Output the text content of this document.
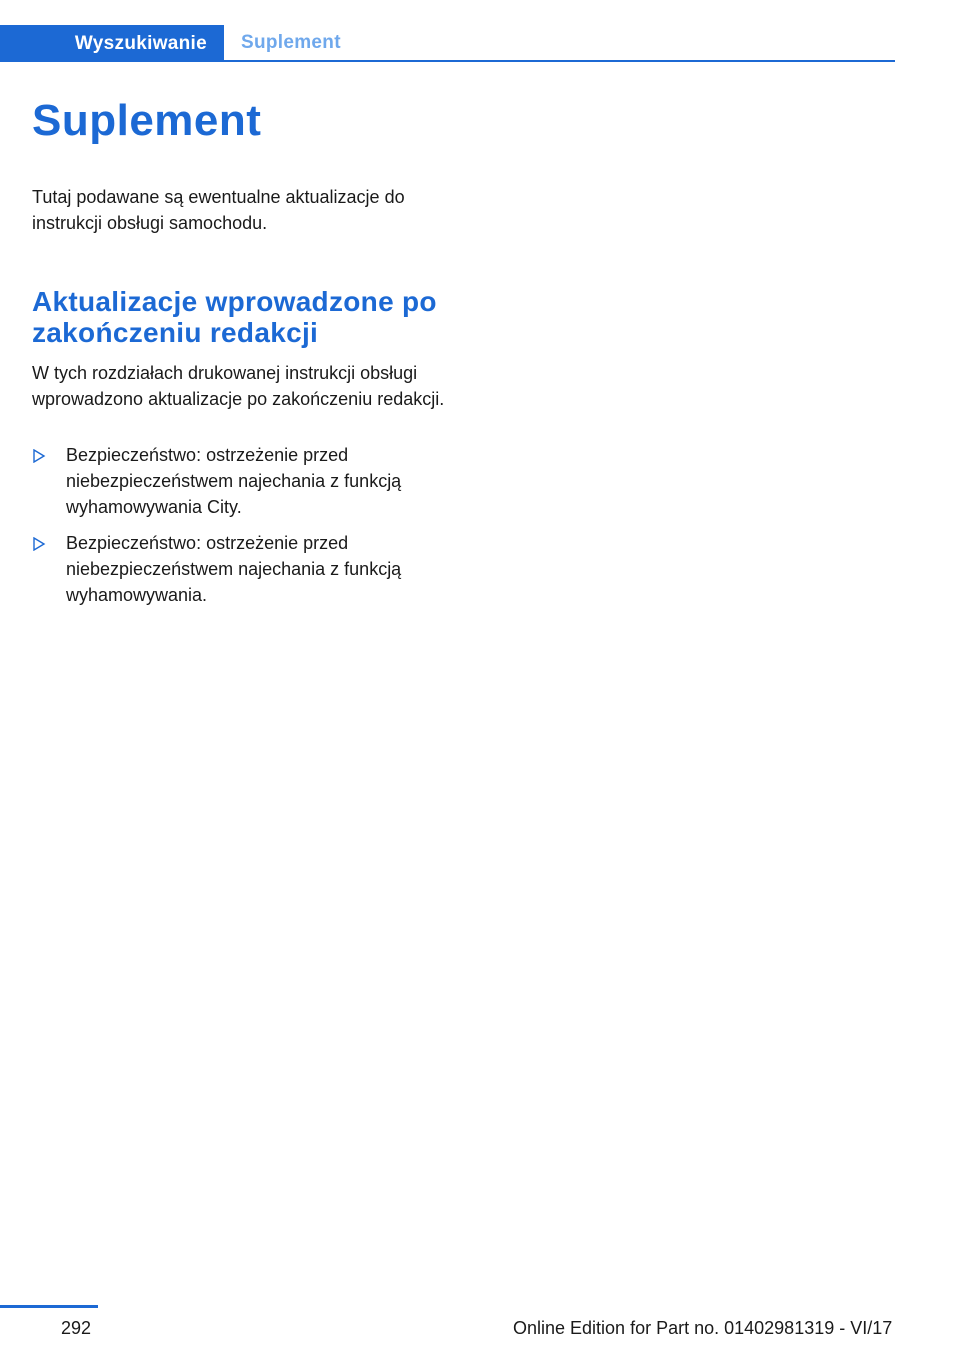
Wyszukiwanie	Suplement
Suplement

Tutaj podawane są ewentualne aktualizacje do instrukcji obsługi samochodu.

Aktualizacje wprowadzone po zakończeniu redakcji

W tych rozdziałach drukowanej instrukcji obsługi wprowadzono aktualizacje po zakończeniu redakcji.

Bezpieczeństwo: ostrzeżenie przed niebezpieczeństwem najechania z funkcją wyhamowywania City.
Bezpieczeństwo: ostrzeżenie przed niebezpieczeństwem najechania z funkcją wyhamowywania.
292	Online Edition for Part no. 01402981319 - VI/17
